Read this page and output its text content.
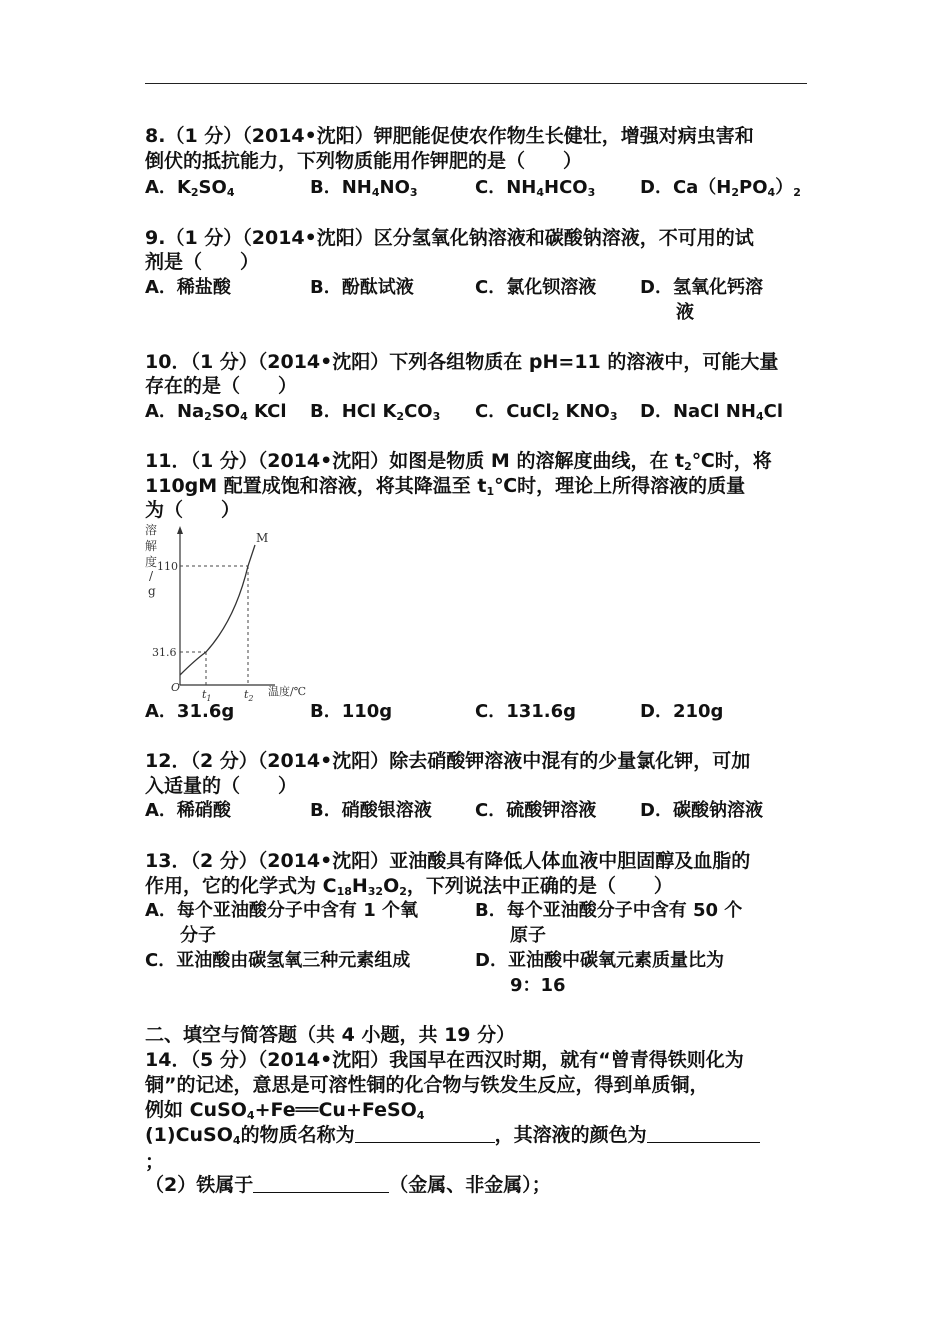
8.（1 分）（2014•沈阳）钾肥能促使农作物生长健壮，增强对病虫害和
倒伏的抵抗能力，下列物质能用作钾肥的是（　　）
A．$K_2SO_4$	B．$NH_4NO_3$	C．$NH_4HCO_3$ D．$Ca(H_2PO_4)_2$
9.（1 分）（2014•沈阳）区分氢氧化钠溶液和碳酸钠溶液，不可用的试
剂是（　　）
A．稀盐酸	B．酚酞试液	C．氯化钡溶液 D．氢氧化钙溶
液
10．（1 分）（2014•沈阳）下列各组物质在 pH=11 的溶液中，可能大量
存在的是（　　）
A．$Na_2SO_4$ KCl B．HCl $K_2CO_3$ C．CuCl$_2$ $KNO_3$ D．NaCl $NH_4Cl$
11．（1 分）（2014•沈阳）如图是物质 M 的溶解度曲线，在 $t_2℃$时，将
110gM 配置成饱和溶液，将其降温至 $t_1℃$时，理论上所得溶液的质量
为（　　）
溶
解
度
/
g
M
110
31.6
O
$t_1$	$t_2$
温度/℃
A．31.6g	B．110g	C．131.6g	D．210g
12．（2 分）（2014•沈阳）除去硝酸钾溶液中混有的少量氯化钾，可加
入适量的（　　）
A．稀硝酸	B．硝酸银溶液 C．硫酸钾溶液 D．碳酸钠溶液
13．（2 分）（2014•沈阳）亚油酸具有降低人体血液中胆固醇及血脂的
作用，它的化学式为 $C_{18}H_{32}O_2$，下列说法中正确的是（　　）
A．每个亚油酸分子中含有 1 个氧
分子
B．每个亚油酸分子中含有 50 个
原子
C．亚油酸由碳氢氧三种元素组成	D．亚油酸中碳氧元素质量比为
9：16
二、填空与简答题（共 4 小题，共 19 分）
14．（5 分）（2014•沈阳）我国早在西汉时期，就有“曾青得铁则化为
铜”的记述，意思是可溶性铜的化合物与铁发生反应，得到单质铜，
例如 CuSO$_4$+Fe══Cu+FeSO$_4$
(1)CuSO$_4$的物质名称为	，其溶液的颜色为
；
（2）铁属于	（金属、非金属）；
